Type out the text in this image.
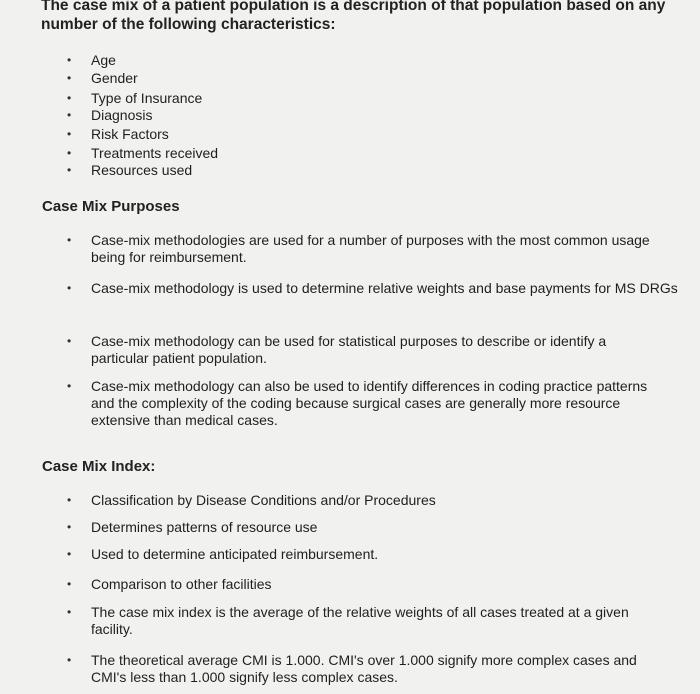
The case mix of a patient population is a description of that population based on any number of the following characteristics:
• Age
• Gender
• Type of Insurance
• Diagnosis
• Risk Factors
• Treatments received
• Resources used
Case Mix Purposes
• Case-mix methodologies are used for a number of purposes with the most common usage being for reimbursement.
• Case-mix methodology is used to determine relative weights and base payments for MS DRGs
• Case-mix methodology can be used for statistical purposes to describe or identify a particular patient population.
• Case-mix methodology can also be used to identify differences in coding practice patterns and the complexity of the coding because surgical cases are generally more resource extensive than medical cases.
Case Mix Index:
• Classification by Disease Conditions and/or Procedures
• Determines patterns of resource use
• Used to determine anticipated reimbursement.
• Comparison to other facilities
• The case mix index is the average of the relative weights of all cases treated at a given facility.
• The theoretical average CMI is 1.000. CMI's over 1.000 signify more complex cases and CMI's less than 1.000 signify less complex cases.
